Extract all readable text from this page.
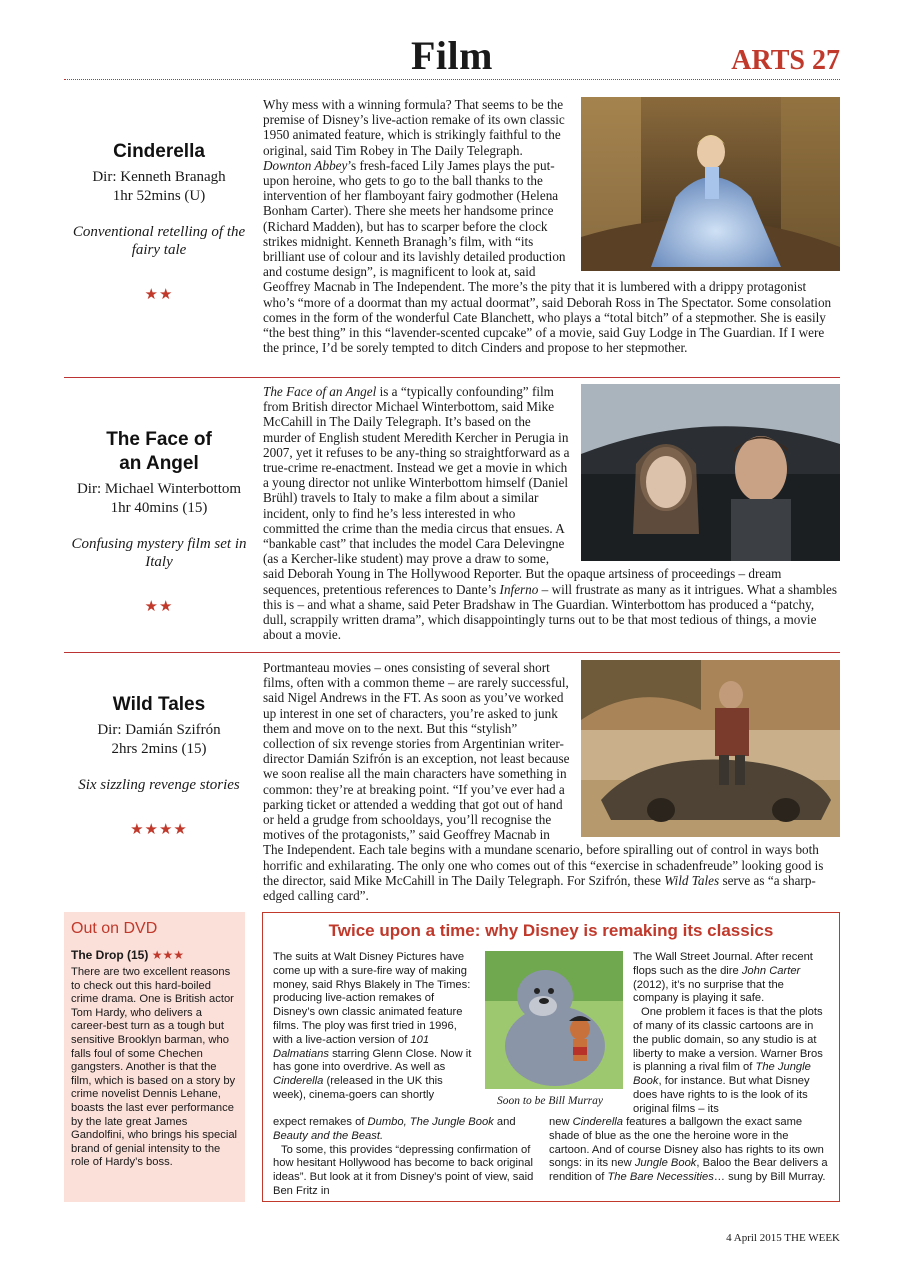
Film	ARTS 27
Cinderella
Dir: Kenneth Branagh
1hr 52mins (U)
Conventional retelling of the fairy tale
★★

Why mess with a winning formula? That seems to be the premise of Disney’s live-action remake of its own classic 1950 animated feature, which is strikingly faithful to the original, said Tim Robey in The Daily Telegraph. Downton Abbey’s fresh-faced Lily James plays the put-upon heroine, who gets to go to the ball thanks to the intervention of her flamboyant fairy godmother (Helena Bonham Carter). There she meets her handsome prince (Richard Madden), but has to scarper before the clock strikes midnight. Kenneth Branagh’s film, with “its brilliant use of colour and its lavishly detailed production and costume design”, is magnificent to look at, said Geoffrey Macnab in The Independent. The more’s the pity that it is lumbered with a drippy protagonist who’s “more of a doormat than my actual doormat”, said Deborah Ross in The Spectator. Some consolation comes in the form of the wonderful Cate Blanchett, who plays a “total bitch” of a stepmother. She is easily “the best thing” in this “lavender-scented cupcake” of a movie, said Guy Lodge in The Guardian. If I were the prince, I’d be sorely tempted to ditch Cinders and propose to her stepmother.

The Face of
an Angel
Dir: Michael Winterbottom
1hr 40mins (15)
Confusing mystery film set in Italy
★★

The Face of an Angel is a “typically confounding” film from British director Michael Winterbottom, said Mike McCahill in The Daily Telegraph. It’s based on the murder of English student Meredith Kercher in Perugia in 2007, yet it refuses to be any-thing so straightforward as a true-crime re-enactment. Instead we get a movie in which a young director not unlike Winterbottom himself (Daniel Brühl) travels to Italy to make a film about a similar incident, only to find he’s less interested in who committed the crime than the media circus that ensues. A “bankable cast” that includes the model Cara Delevingne (as a Kercher-like student) may prove a draw to some, said Deborah Young in The Hollywood Reporter. But the opaque artsiness of proceedings – dream sequences, pretentious references to Dante’s Inferno – will frustrate as many as it intrigues. What a shambles this is – and what a shame, said Peter Bradshaw in The Guardian. Winterbottom has produced a “patchy, dull, scrappily written drama”, which disappointingly turns out to be that most tedious of things, a movie about a movie.

Wild Tales
Dir: Damián Szifrón
2hrs 2mins (15)
Six sizzling revenge stories
★★★★

Portmanteau movies – ones consisting of several short films, often with a common theme – are rarely successful, said Nigel Andrews in the FT. As soon as you’ve worked up interest in one set of characters, you’re asked to junk them and move on to the next. But this “stylish” collection of six revenge stories from Argentinian writer-director Damián Szifrón is an exception, not least because we soon realise all the main characters have something in common: they’re at breaking point. “If you’ve ever had a parking ticket or attended a wedding that got out of hand or held a grudge from schooldays, you’ll recognise the motives of the protagonists,” said Geoffrey Macnab in The Independent. Each tale begins with a mundane scenario, before spiralling out of control in ways both horrific and exhilarating. The only one who comes out of this “exercise in schadenfreude” looking good is the director, said Mike McCahill in The Daily Telegraph. For Szifrón, these Wild Tales serve as “a sharp-edged calling card”.

Out on DVD
The Drop (15) ★★★
There are two excellent reasons to check out this hard-boiled crime drama. One is British actor Tom Hardy, who delivers a career-best turn as a tough but sensitive Brooklyn barman, who falls foul of some Chechen gangsters. Another is that the film, which is based on a story by crime novelist Dennis Lehane, boasts the last ever performance by the late great James Gandolfini, who brings his special brand of genial intensity to the role of Hardy’s boss.
Twice upon a time: why Disney is remaking its classics

The suits at Walt Disney Pictures have come up with a sure-fire way of making money, said Rhys Blakely in The Times: producing live-action remakes of Disney’s own classic animated feature films. The ploy was first tried in 1996, with a live-action version of 101 Dalmatians starring Glenn Close. Now it has gone into overdrive. As well as Cinderella (released in the UK this week), cinema-goers can shortly

Soon to be Bill Murray

The Wall Street Journal. After recent flops such as the dire John Carter (2012), it’s no surprise that the company is playing it safe.

One problem it faces is that the plots of many of its classic cartoons are in the public domain, so any studio is at liberty to make a version. Warner Bros is planning a rival film of The Jungle Book, for instance. But what Disney does have rights to is the look of its original films – its

expect remakes of Dumbo, The Jungle Book and Beauty and the Beast.

To some, this provides “depressing confirmation of how hesitant Hollywood has become to back original ideas”. But look at it from Disney’s point of view, said Ben Fritz in

new Cinderella features a ballgown the exact same shade of blue as the one the heroine wore in the cartoon. And of course Disney also has rights to its own songs: in its new Jungle Book, Baloo the Bear delivers a rendition of The Bare Necessities… sung by Bill Murray.

4 April 2015 THE WEEK
